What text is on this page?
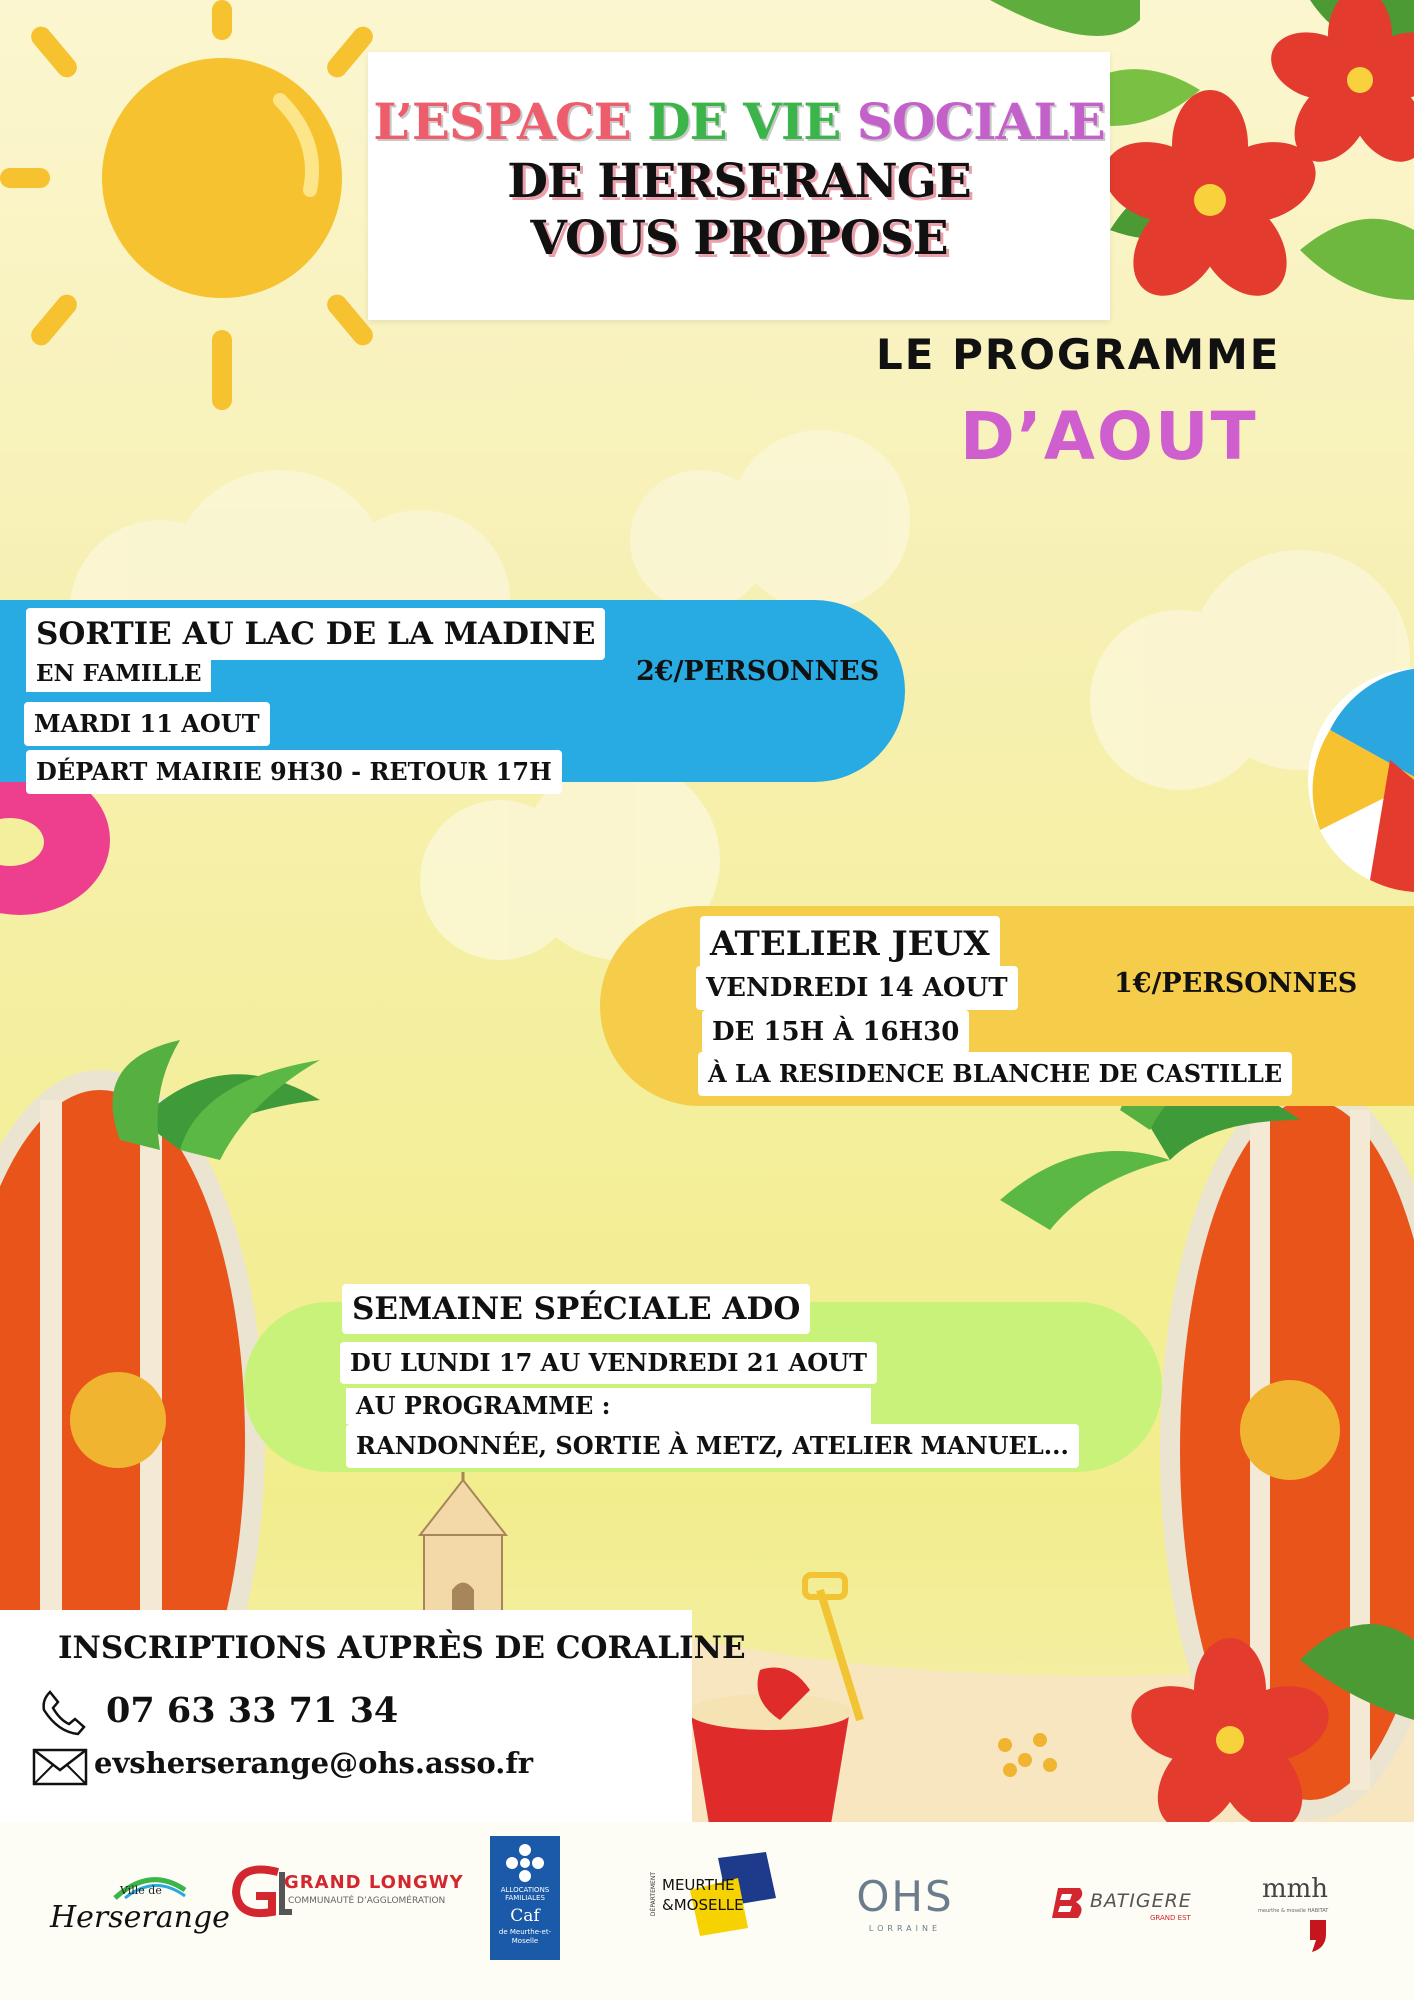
L’ESPACE DE VIE SOCIALE
DE HERSERANGE
VOUS PROPOSE
LE PROGRAMME
D’AOUT
SORTIE AU LAC DE LA MADINE
EN FAMILLE	2€/PERSONNES
MARDI 11 AOUT
DÉPART MAIRIE 9H30 - RETOUR 17H
ATELIER JEUX
VENDREDI 14 AOUT	1€/PERSONNES
DE 15H À 16H30
À LA RESIDENCE BLANCHE DE CASTILLE
SEMAINE SPÉCIALE ADO
DU LUNDI 17 AU VENDREDI 21 AOUT
AU PROGRAMME :
RANDONNÉE, SORTIE À METZ, ATELIER MANUEL...
INSCRIPTIONS AUPRÈS DE CORALINE
07 63 33 71 34
evsherserange@ohs.asso.fr
Ville de
Herserange
GRAND LONGWY
COMMUNAUTÉ D’AGGLOMÉRATION
ALLOCATIONS FAMILIALES
Caf
de Meurthe-et-Moselle
DÉPARTEMENT MEURTHE
&MOSELLE	OHS
LORRAINE
BATIGERE
GRAND EST
mmh
meurthe & moselle HABITAT
